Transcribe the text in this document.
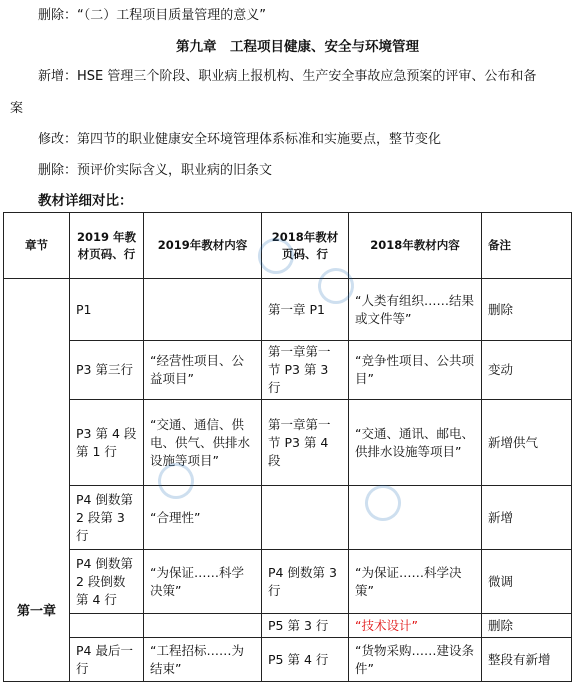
删除：“（二）工程项目质量管理的意义”
第九章　工程项目健康、安全与环境管理
新增：HSE 管理三个阶段、职业病上报机构、生产安全事故应急预案的评审、公布和备
案
修改：第四节的职业健康安全环境管理体系标准和实施要点，整节变化
删除：预评价实际含义，职业病的旧条文
教材详细对比：
章节	2019 年教材页码、行	2019年教材内容	2018年教材页码、行	2018年教材内容	备注
第一章	P1		第一章 P1	“人类有组织……结果或文件等”	删除
	P3 第三行	“经营性项目、公益项目”	第一章第一节 P3 第 3 行	“竞争性项目、公共项目”	变动
	P3 第 4 段第 1 行	“交通、通信、供电、供气、供排水设施等项目”	第一章第一节 P3 第 4 段	“交通、通讯、邮电、供排水设施等项目”	新增供气
	P4 倒数第 2 段第 3 行	“合理性”			新增
	P4 倒数第 2 段倒数第 4 行	“为保证……科学决策”	P4 倒数第 3 行	“为保证……科学决策”	微调
			P5 第 3 行	“技术设计”	删除
	P4 最后一行	“工程招标……为结束”	P5 第 4 行	“货物采购……建设条件”	整段有新增
